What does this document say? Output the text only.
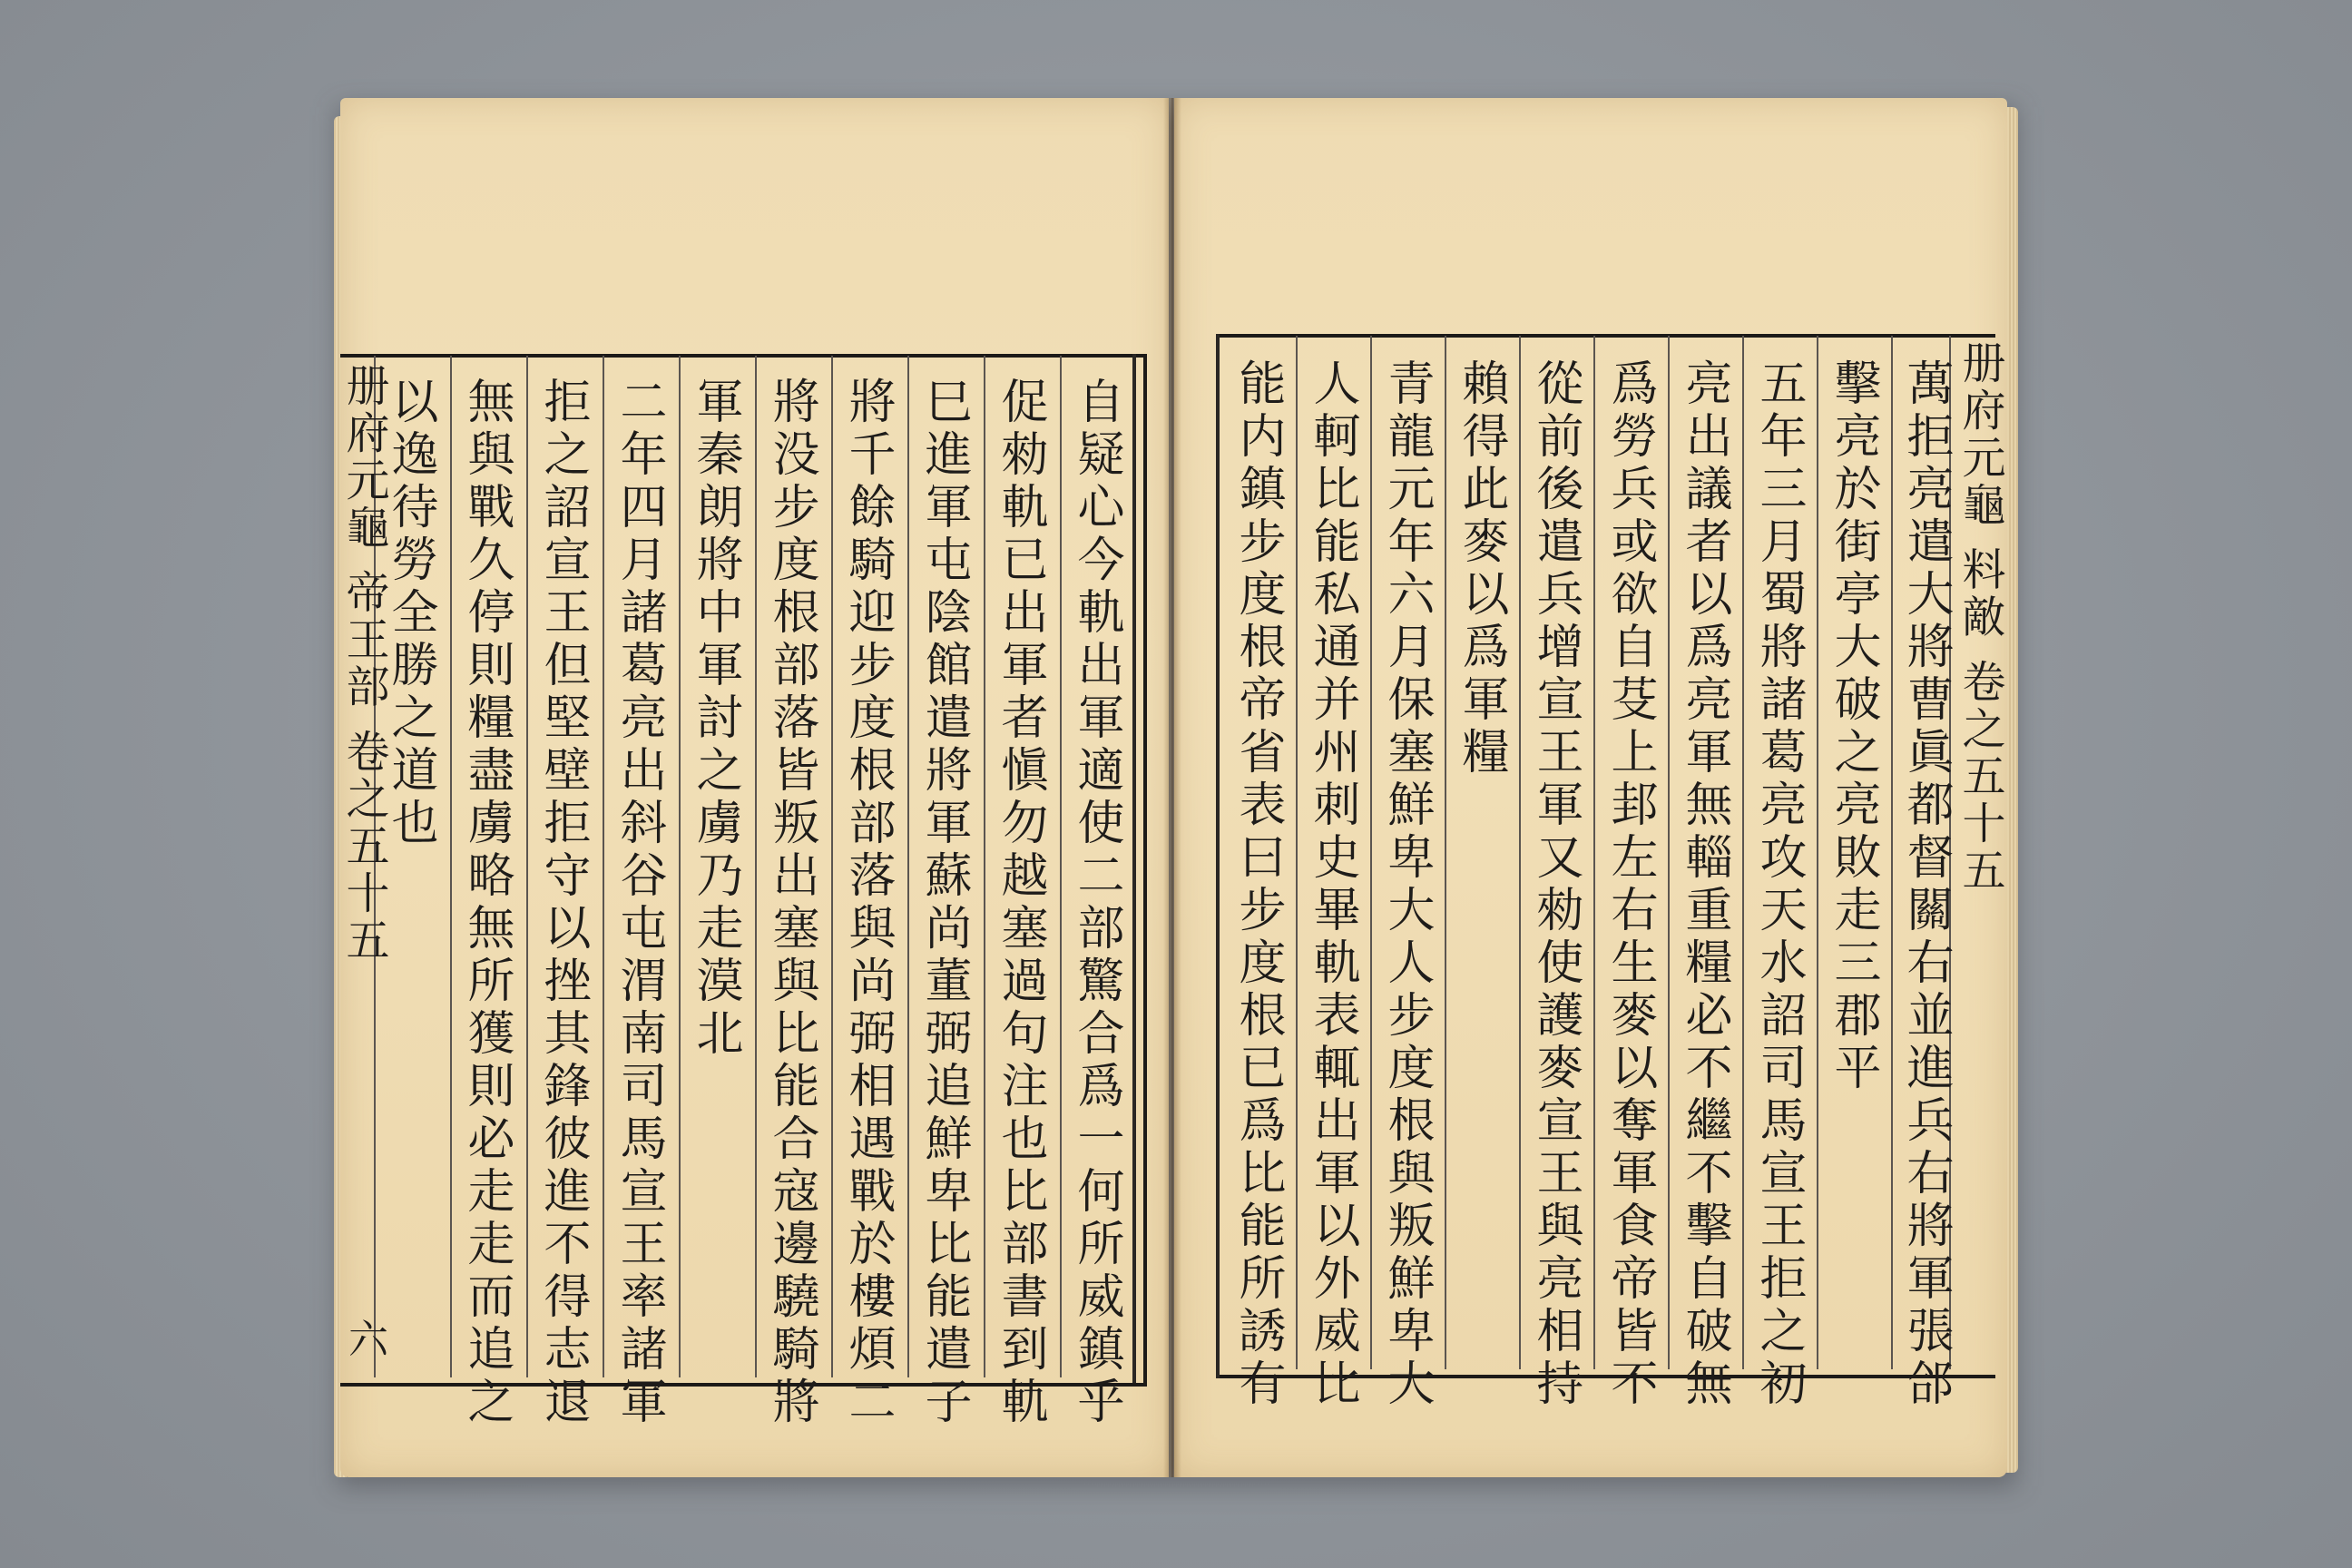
自疑心今軌出軍適使二部驚合爲一何所威鎮乎
促勑軌已出軍者愼勿越塞過句注也比部書到軌
巳進軍屯陰館遣將軍蘇尚董弼追鮮卑比能遣子
將千餘騎迎步度根部落與尚弼相遇戰於樓煩二
將没步度根部落皆叛出塞與比能合寇邊驍騎將
軍秦朗將中軍討之虜乃走漠北
二年四月諸葛亮出斜谷屯渭南司馬宣王率諸軍
拒之詔宣王但堅壁拒守以挫其鋒彼進不得志退
無與戰久停則糧盡虜略無所獲則必走走而追之
以逸待勞全勝之道也
册府元龜 帝王部 卷之五十五
六	萬拒亮遣大將曹眞都督關右並進兵右將軍張郃
擊亮於街亭大破之亮敗走三郡平
五年三月蜀將諸葛亮攻天水詔司馬宣王拒之初
亮出議者以爲亮軍無輜重糧必不繼不擊自破無
爲勞兵或欲自芟上邽左右生麥以奪軍食帝皆不
從前後遣兵增宣王軍又勑使護麥宣王與亮相持
賴得此麥以爲軍糧
青龍元年六月保塞鮮卑大人步度根與叛鮮卑大
人軻比能私通并州刺史畢軌表輒出軍以外威比
能内鎮步度根帝省表曰步度根已爲比能所誘有	册府元龜 料敵 卷之五十五
